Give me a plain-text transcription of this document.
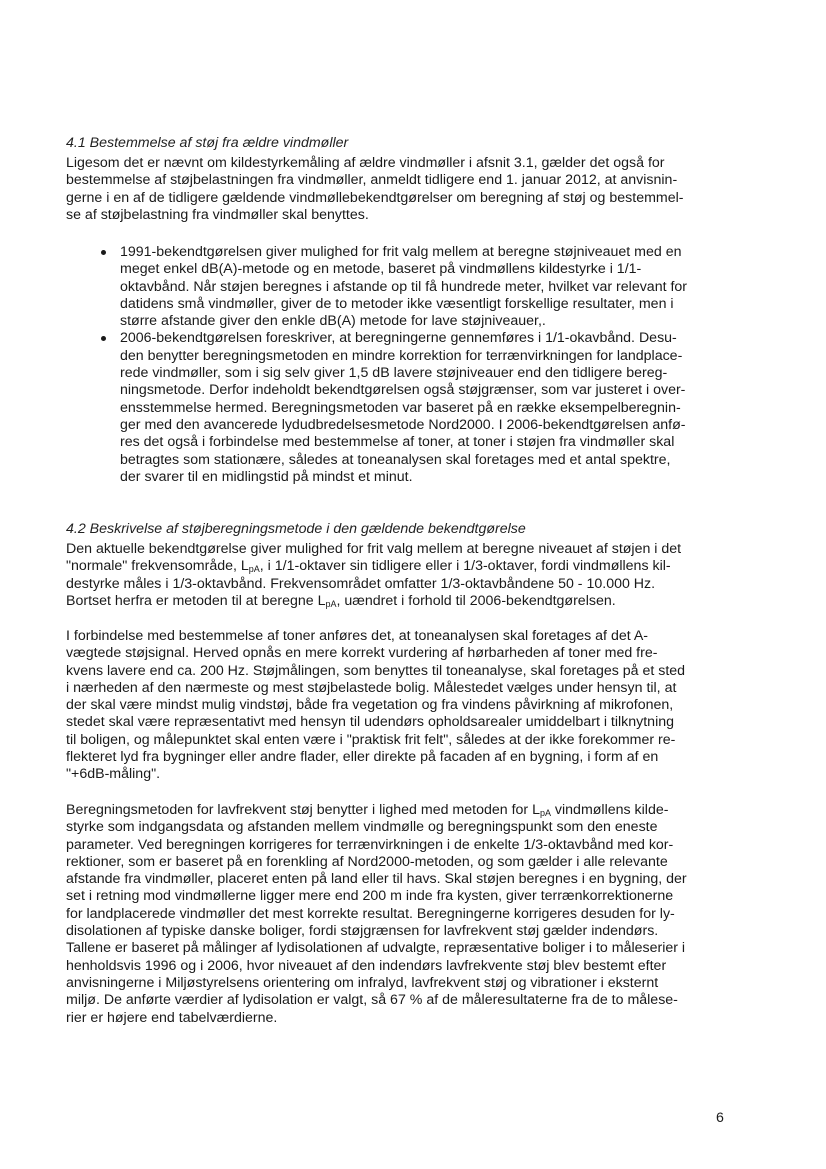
4.1 Bestemmelse af støj fra ældre vindmøller

Ligesom det er nævnt om kildestyrkemåling af ældre vindmøller i afsnit 3.1, gælder det også for

bestemmelse af støjbelastningen fra vindmøller, anmeldt tidligere end 1. januar 2012, at anvisnin-

gerne i en af de tidligere gældende vindmøllebekendtgørelser om beregning af støj og bestemmel-

se af støjbelastning fra vindmøller skal benyttes.

1991-bekendtgørelsen giver mulighed for frit valg mellem at beregne støjniveauet med en

meget enkel dB(A)-metode og en metode, baseret på vindmøllens kildestyrke i 1/1-

oktavbånd. Når støjen beregnes i afstande op til få hundrede meter, hvilket var relevant for

datidens små vindmøller, giver de to metoder ikke væsentligt forskellige resultater, men i

større afstande giver den enkle dB(A) metode for lave støjniveauer,.

2006-bekendtgørelsen foreskriver, at beregningerne gennemføres i 1/1-okavbånd. Desu-

den benytter beregningsmetoden en mindre korrektion for terrænvirkningen for landplace-

rede vindmøller, som i sig selv giver 1,5 dB lavere støjniveauer end den tidligere bereg-

ningsmetode. Derfor indeholdt bekendtgørelsen også støjgrænser, som var justeret i over-

ensstemmelse hermed. Beregningsmetoden var baseret på en række eksempelberegnin-

ger med den avancerede lydudbredelsesmetode Nord2000. I 2006-bekendtgørelsen anfø-

res det også i forbindelse med bestemmelse af toner, at toner i støjen fra vindmøller skal

betragtes som stationære, således at toneanalysen skal foretages med et antal spektre,

der svarer til en midlingstid på mindst et minut.

4.2 Beskrivelse af støjberegningsmetode i den gældende bekendtgørelse

Den aktuelle bekendtgørelse giver mulighed for frit valg mellem at beregne niveauet af støjen i det

"normale" frekvensområde, $L_{pA}$, i 1/1-oktaver sin tidligere eller i 1/3-oktaver, fordi vindmøllens kil-

destyrke måles i 1/3-oktavbånd. Frekvensområdet omfatter 1/3-oktavbåndene 50 - 10.000 Hz.

Bortset herfra er metoden til at beregne $L_{pA}$, uændret i forhold til 2006-bekendtgørelsen.

I forbindelse med bestemmelse af toner anføres det, at toneanalysen skal foretages af det A-

vægtede støjsignal. Herved opnås en mere korrekt vurdering af hørbarheden af toner med fre-

kvens lavere end ca. 200 Hz. Støjmålingen, som benyttes til toneanalyse, skal foretages på et sted

i nærheden af den nærmeste og mest støjbelastede bolig. Målestedet vælges under hensyn til, at

der skal være mindst mulig vindstøj, både fra vegetation og fra vindens påvirkning af mikrofonen,

stedet skal være repræsentativt med hensyn til udendørs opholdsarealer umiddelbart i tilknytning

til boligen, og målepunktet skal enten være i "praktisk frit felt", således at der ikke forekommer re-

flekteret lyd fra bygninger eller andre flader, eller direkte på facaden af en bygning, i form af en

"+6dB-måling".

Beregningsmetoden for lavfrekvent støj benytter i lighed med metoden for $L_{pA}$ vindmøllens kilde-

styrke som indgangsdata og afstanden mellem vindmølle og beregningspunkt som den eneste

parameter. Ved beregningen korrigeres for terrænvirkningen i de enkelte 1/3-oktavbånd med kor-

rektioner, som er baseret på en forenkling af Nord2000-metoden, og som gælder i alle relevante

afstande fra vindmøller, placeret enten på land eller til havs. Skal støjen beregnes i en bygning, der

set i retning mod vindmøllerne ligger mere end 200 m inde fra kysten, giver terrænkorrektionerne

for landplacerede vindmøller det mest korrekte resultat. Beregningerne korrigeres desuden for ly-

disolationen af typiske danske boliger, fordi støjgrænsen for lavfrekvent støj gælder indendørs.

Tallene er baseret på målinger af lydisolationen af udvalgte, repræsentative boliger i to måleserier i

henholdsvis 1996 og i 2006, hvor niveauet af den indendørs lavfrekvente støj blev bestemt efter

anvisningerne i Miljøstyrelsens orientering om infralyd, lavfrekvent støj og vibrationer i eksternt

miljø. De anførte værdier af lydisolation er valgt, så 67 % af de måleresultaterne fra de to målese-

rier er højere end tabelværdierne.

6
